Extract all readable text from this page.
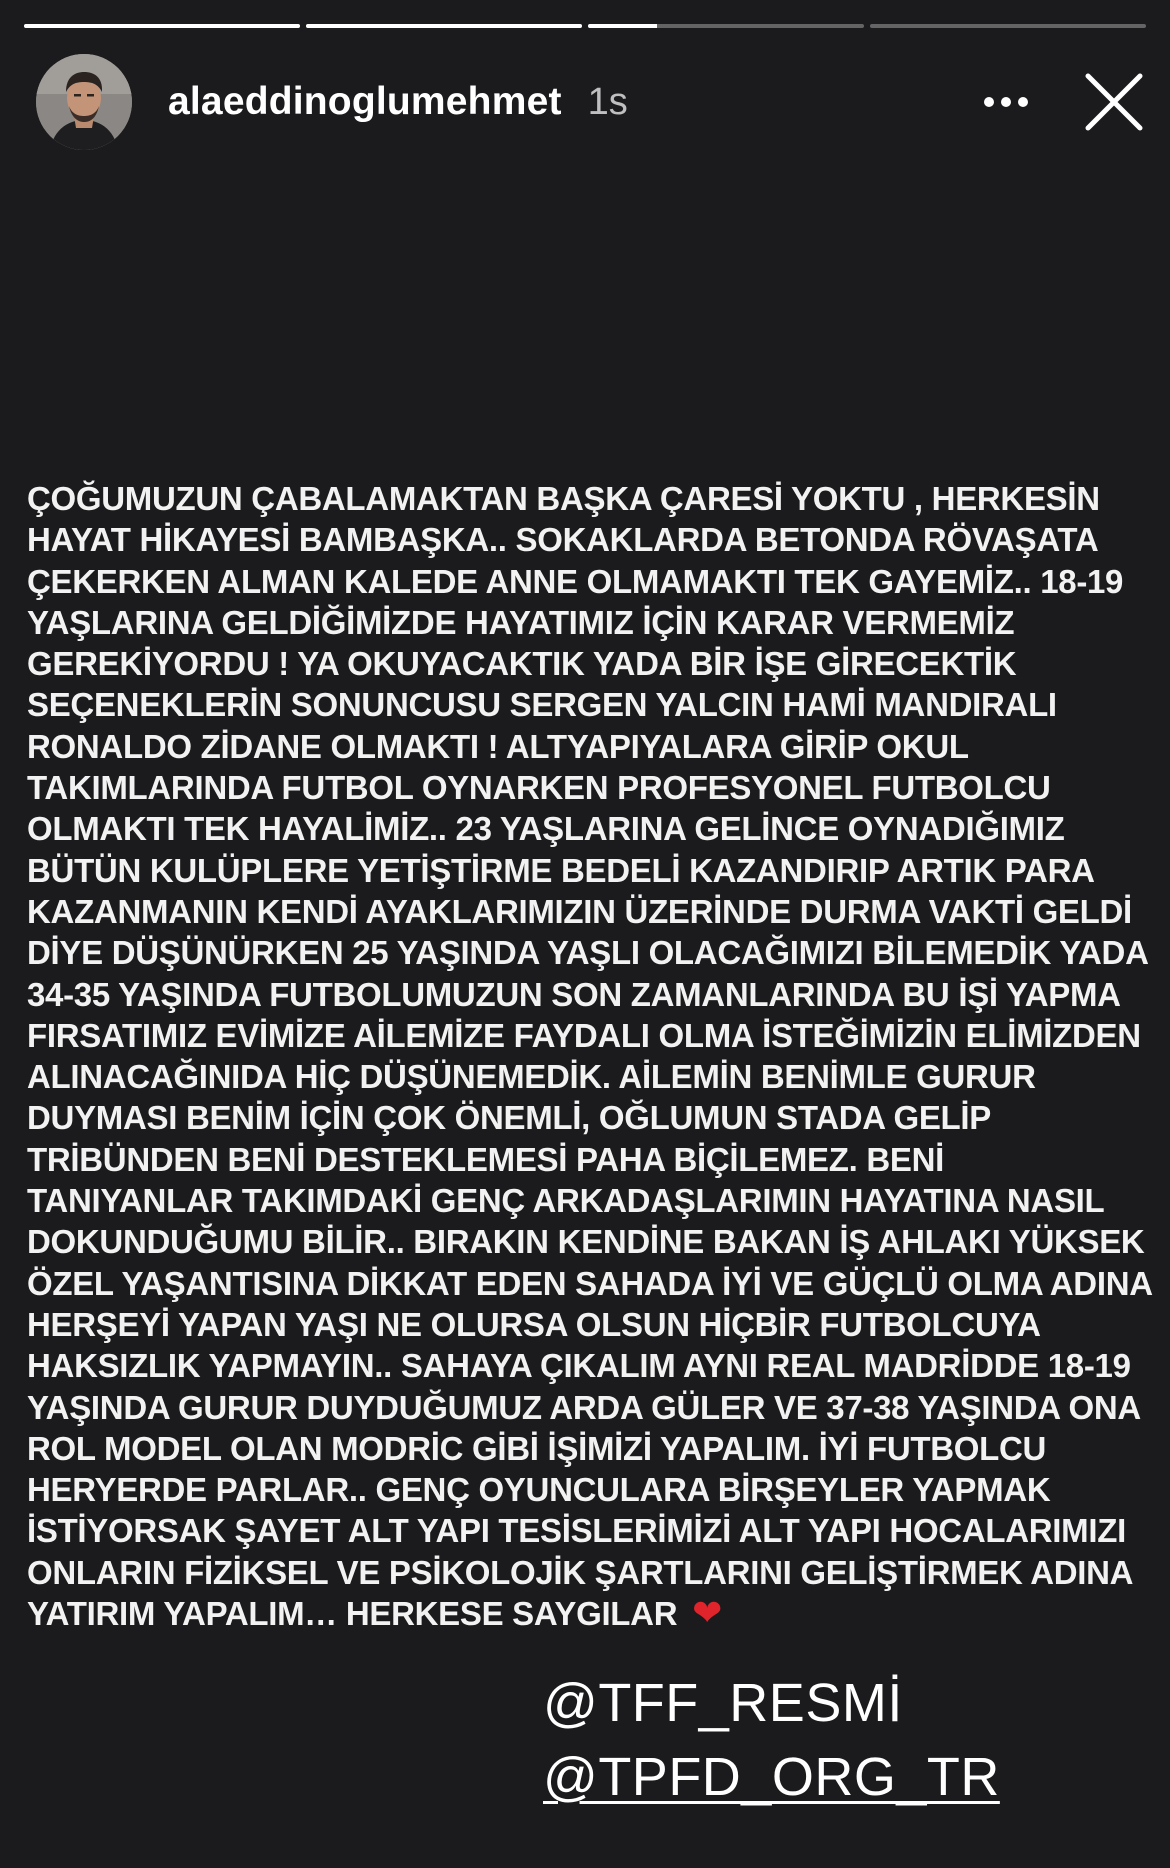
alaeddinoglumehmet 1s
ÇOĞUMUZUN ÇABALAMAKTAN BAŞKA ÇARESİ YOKTU , HERKESİN HAYAT HİKAYESİ BAMBAŞKA.. SOKAKLARDA BETONDA RÖVAŞATA ÇEKERKEN ALMAN KALEDE ANNE OLMAMAKTI TEK GAYEMİZ.. 18-19 YAŞLARINA GELDİĞİMİZDE HAYATIMIZ İÇİN KARAR VERMEMİZ GEREKİYORDU ! YA OKUYACAKTIK YADA BİR İŞE GİRECEKTİK SEÇENEKLERİN SONUNCUSU SERGEN YALCIN HAMİ MANDIRALI RONALDO ZİDANE OLMAKTI ! ALTYAPIYALARA GİRİP OKUL TAKIMLARINDA FUTBOL OYNARKEN PROFESYONEL FUTBOLCU OLMAKTI TEK HAYALİMİZ.. 23 YAŞLARINA GELİNCE OYNADIĞIMIZ BÜTÜN KULÜPLERE YETİŞTİRME BEDELİ KAZANDIRIP ARTIK PARA KAZANMANIN KENDİ AYAKLARIMIZIN ÜZERİNDE DURMA VAKTİ GELDİ DİYE DÜŞÜNÜRKEN 25 YAŞINDA YAŞLI OLACAĞIMIZI BİLEMEDİK YADA 34-35 YAŞINDA FUTBOLUMUZUN SON ZAMANLARINDA BU İŞİ YAPMA FIRSATIMIZ EVİMİZE AİLEMİZE FAYDALI OLMA İSTEĞİMİZİN ELİMİZDEN ALINACAĞINIDA HİÇ DÜŞÜNEMEDİK. AİLEMİN BENİMLE GURUR DUYMASI BENİM İÇİN ÇOK ÖNEMLİ, OĞLUMUN STADA GELİP TRİBÜNDEN BENİ DESTEKLEMESİ PAHA BİÇİLEMEZ. BENİ TANIYANLAR TAKIMDAKİ GENÇ ARKADAŞLARIMIN HAYATINA NASIL DOKUNDUĞUMU BİLİR.. BIRAKIN KENDİNE BAKAN İŞ AHLAKI YÜKSEK ÖZEL YAŞANTISINA DİKKAT EDEN SAHADA İYİ VE GÜÇLÜ OLMA ADINA HERŞEYİ YAPAN YAŞI NE OLURSA OLSUN HİÇBİR FUTBOLCUYA HAKSIZLIK YAPMAYIN.. SAHAYA ÇIKALIM AYNI REAL MADRİDDE 18-19 YAŞINDA GURUR DUYDUĞUMUZ ARDA GÜLER VE 37-38 YAŞINDA ONA ROL MODEL OLAN MODRİC GİBİ İŞİMİZİ YAPALIM. İYİ FUTBOLCU HERYERDE PARLAR.. GENÇ OYUNCULARA BİRŞEYLER YAPMAK İSTİYORSAK ŞAYET ALT YAPI TESİSLERİMİZİ ALT YAPI HOCALARIMIZI ONLARIN FİZİKSEL VE PSİKOLOJİK ŞARTLARINI GELİŞTİRMEK ADINA YATIRIM YAPALIM… HERKESE SAYGILAR ❤
@TFF_RESMİ
@TPFD_ORG_TR
